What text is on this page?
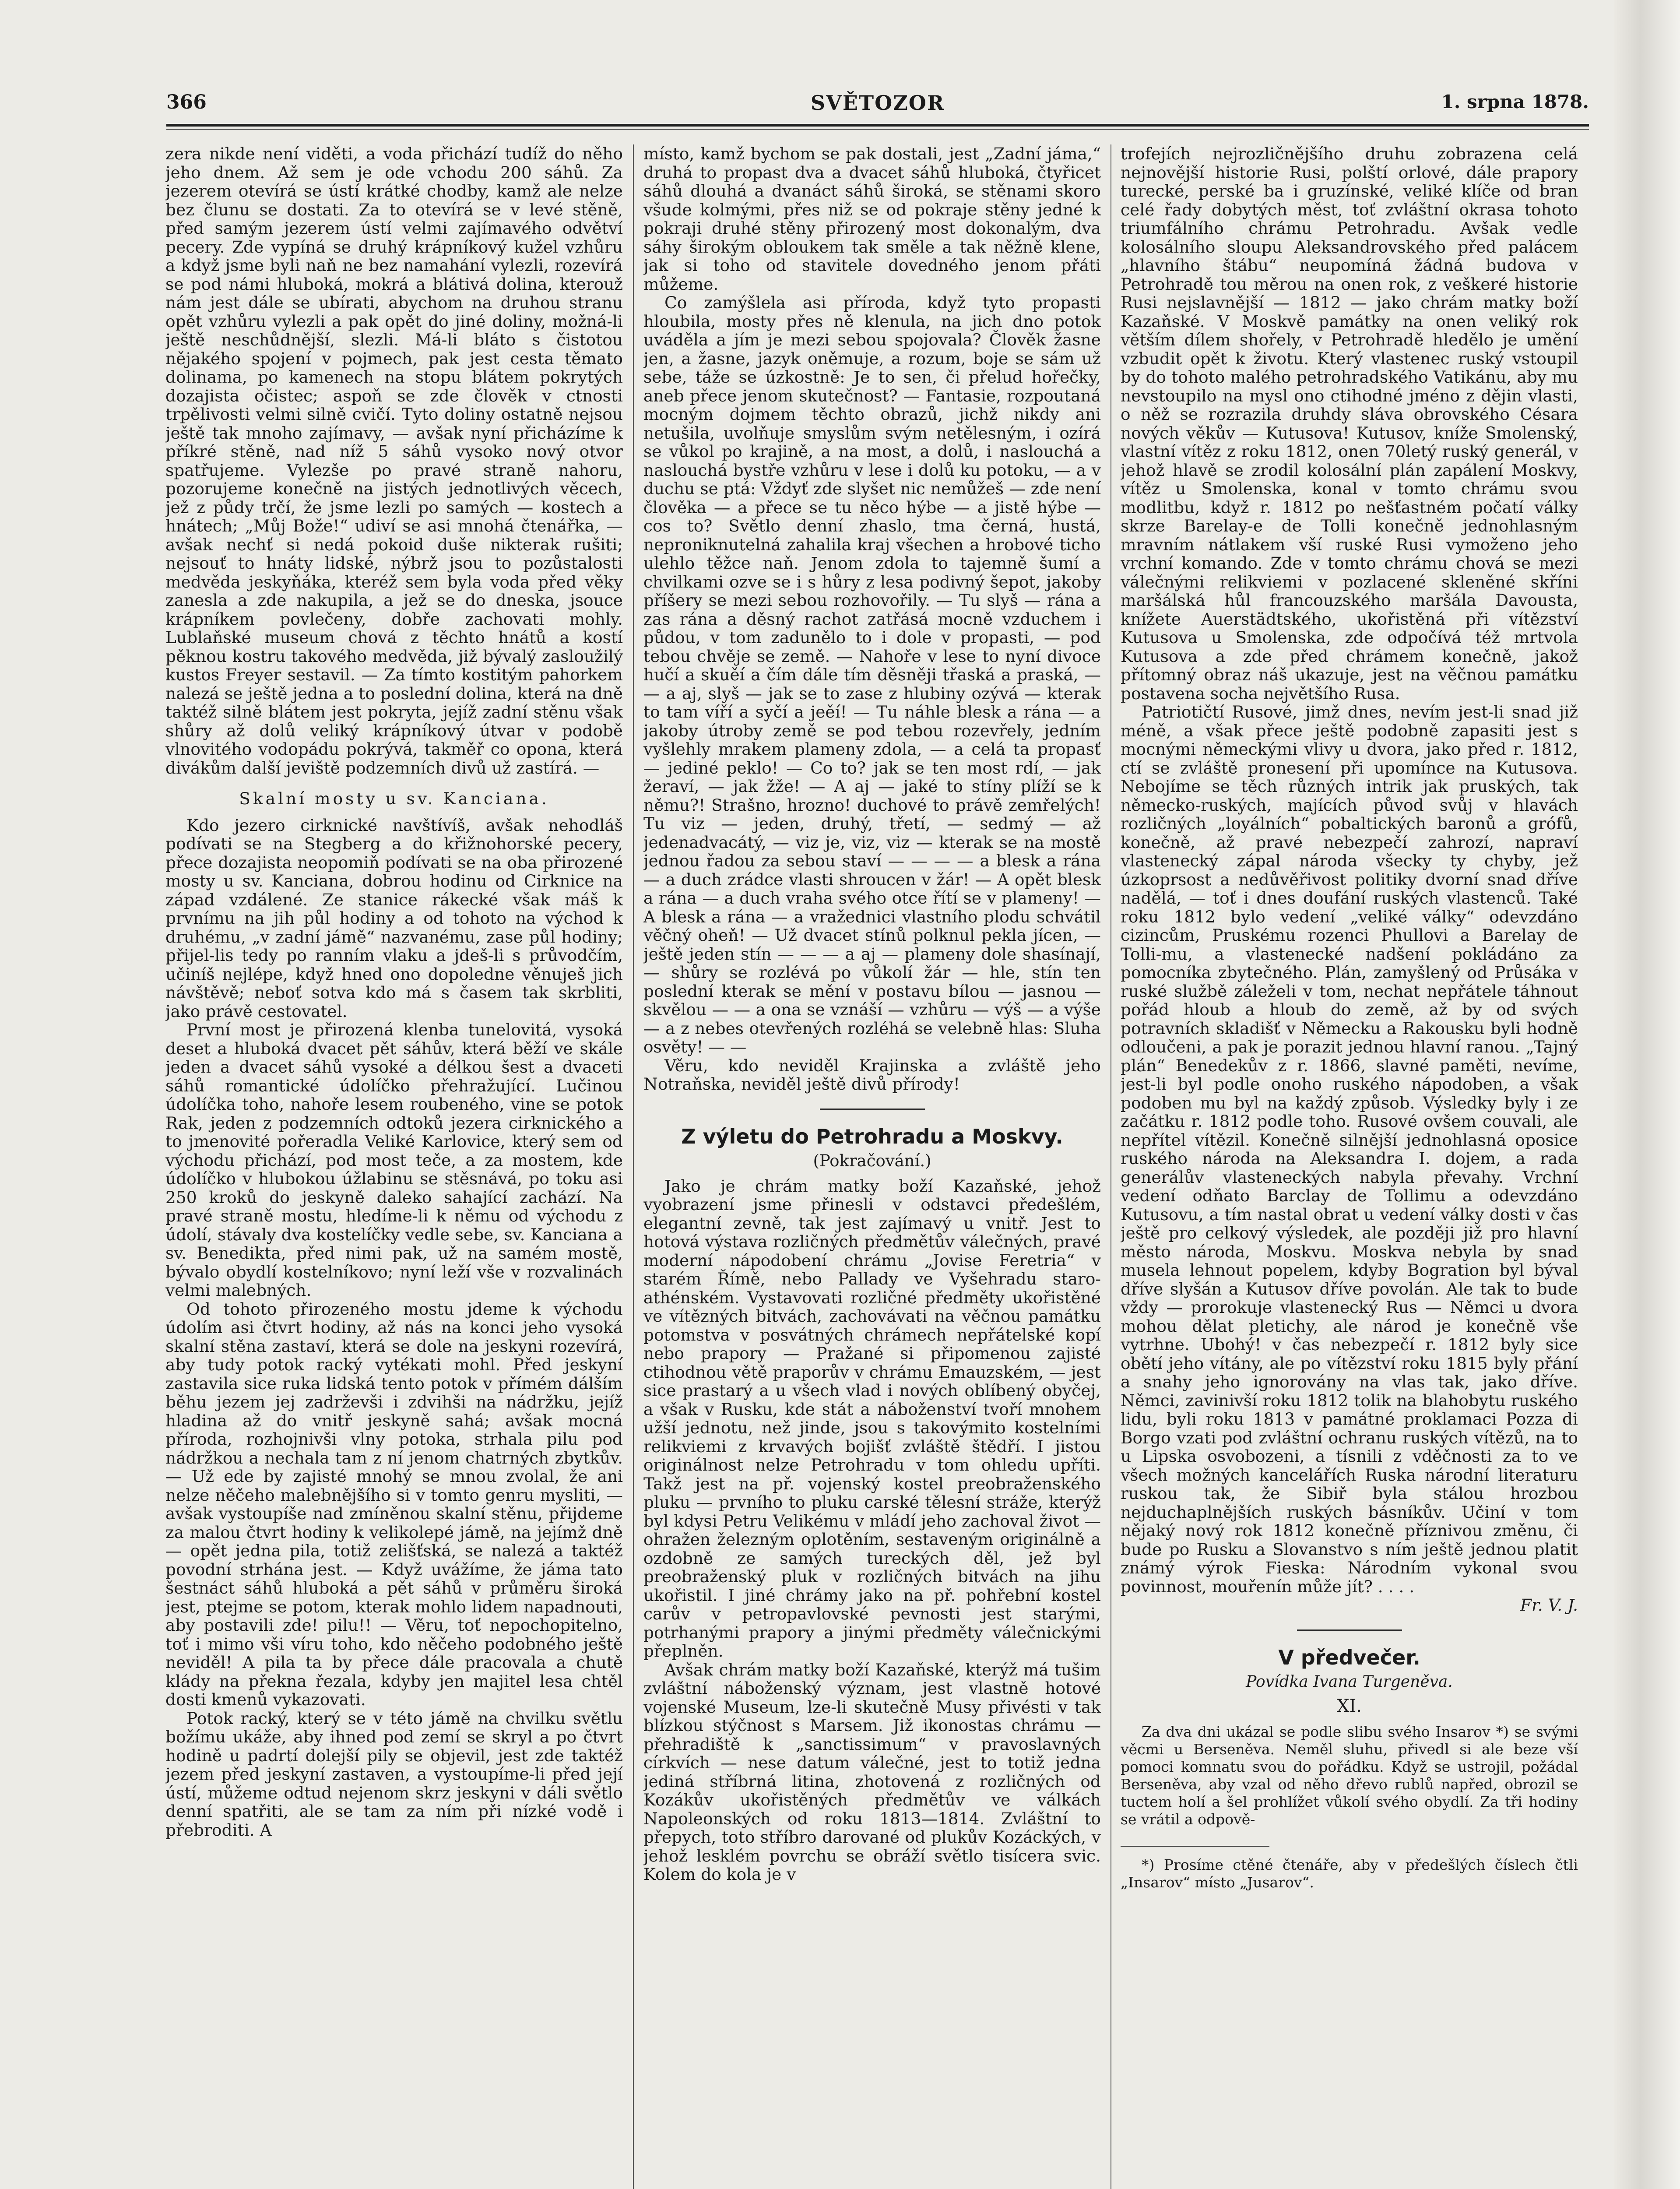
366	SVĚTOZOR	1. srpna 1878.

zera nikde není viděti, a voda přichází tudíž do něho jeho dnem. Až sem je ode vchodu 200 sáhů. Za jezerem otevírá se ústí krátké chodby, kamž ale nelze bez člunu se dostati. Za to otevírá se v levé stěně, před samým jezerem ústí velmi zajímavého odvětví pecery. Zde vypíná se druhý krápníkový kužel vzhůru a když jsme byli naň ne bez namahání vylezli, rozevírá se pod námi hluboká, mokrá a blátivá dolina, kterouž nám jest dále se ubírati, abychom na druhou stranu opět vzhůru vylezli a pak opět do jiné doliny, možná-li ještě neschůdnější, slezli. Má-li bláto s čistotou nějakého spojení v pojmech, pak jest cesta těmato dolinama, po kamenech na stopu blátem pokrytých dozajista očistec; aspoň se zde člověk v ctnosti trpělivosti velmi silně cvičí. Tyto doliny ostatně nejsou ještě tak mnoho zajímavy, — avšak nyní přicházíme k příkré stěně, nad níž 5 sáhů vysoko nový otvor spatřujeme. Vylezše po pravé straně nahoru, pozorujeme konečně na jistých jednotlivých věcech, jež z půdy trčí, že jsme lezli po samých — kostech a hnátech; „Můj Bože!“ udiví se asi mnohá čtenářka, — avšak nechť si nedá pokoid duše nikterak rušiti; nejsouť to hnáty lidské, nýbrž jsou to pozůstalosti medvěda jeskyňáka, kteréž sem byla voda před věky zanesla a zde nakupila, a jež se do dneska, jsouce krápníkem povlečeny, dobře zachovati mohly. Lublaňské museum chová z těchto hnátů a kostí pěknou kostru takového medvěda, již bývalý zasloužilý kustos Freyer sestavil. — Za tímto kostitým pahorkem nalezá se ještě jedna a to poslední dolina, která na dně taktéž silně blátem jest pokryta, jejíž zadní stěnu však shůry až dolů veliký krápníkový útvar v podobě vlnovitého vodopádu pokrývá, takměř co opona, která divákům další jeviště podzemních divů už zastírá. —

Skalní mosty u sv. Kanciana.

Kdo jezero cirknické navštívíš, avšak nehodláš podívati se na Stegberg a do křižnohorské pecery, přece dozajista neopomiň podívati se na oba přirozené mosty u sv. Kanciana, dobrou hodinu od Cirknice na západ vzdálené. Ze stanice rákecké však máš k prvnímu na jih půl hodiny a od tohoto na východ k druhému, „v zadní jámě“ nazvanému, zase půl hodiny; přijel-lis tedy po ranním vlaku a jdeš-li s průvodčím, učiníš nejlépe, když hned ono dopoledne věnuješ jich návštěvě; neboť sotva kdo má s časem tak skrbliti, jako právě cestovatel.

První most je přirozená klenba tunelovitá, vysoká deset a hluboká dvacet pět sáhův, která běží ve skále jeden a dvacet sáhů vysoké a délkou šest a dvaceti sáhů romantické údolíčko přehražující. Lučinou údolíčka toho, nahoře lesem roubeného, vine se potok Rak, jeden z podzemních odtoků jezera cirknického a to jmenovité pořeradla Veliké Karlovice, který sem od východu přichází, pod most teče, a za mostem, kde údolíčko v hlubokou úžlabinu se stěsnává, po toku asi 250 kroků do jeskyně daleko sahající zachází. Na pravé straně mostu, hledíme-li k němu od východu z údolí, stávaly dva kostelíčky vedle sebe, sv. Kanciana a sv. Benedikta, před nimi pak, už na samém mostě, bývalo obydlí kostelníkovo; nyní leží vše v rozvalinách velmi malebných.

Od tohoto přirozeného mostu jdeme k východu údolím asi čtvrt hodiny, až nás na konci jeho vysoká skalní stěna zastaví, která se dole na jeskyni rozevírá, aby tudy potok racký vytékati mohl. Před jeskyní zastavila sice ruka lidská tento potok v přímém dálším běhu jezem jej zadrževši i zdvihši na nádržku, jejíž hladina až do vnitř jeskyně sahá; avšak mocná příroda, rozhojnivši vlny potoka, strhala pilu pod nádržkou a nechala tam z ní jenom chatrných zbytkův. — Už ede by zajisté mnohý se mnou zvolal, že ani nelze něčeho malebnějšího si v tomto genru mysliti, — avšak vystoupíše nad zmíněnou skalní stěnu, přijdeme za malou čtvrt hodiny k velikolepé jámě, na jejímž dně — opět jedna pila, totiž zelišťská, se nalezá a taktéž povodní strhána jest. — Když uvážíme, že jáma tato šestnáct sáhů hluboká a pět sáhů v průměru široká jest, ptejme se potom, kterak mohlo lidem napadnouti, aby postavili zde! pilu!! — Věru, toť nepochopitelno, toť i mimo vši víru toho, kdo něčeho podobného ještě neviděl! A pila ta by přece dále pracovala a chutě klády na překna řezala, kdyby jen majitel lesa chtěl dosti kmenů vykazovati.

Potok racký, který se v této jámě na chvilku světlu božímu ukáže, aby ihned pod zemí se skryl a po čtvrt hodině u padrtí dolejší pily se objevil, jest zde taktéž jezem před jeskyní zastaven, a vystoupíme-li před její ústí, můžeme odtud nejenom skrz jeskyni v dáli světlo denní spatřiti, ale se tam za ním při nízké vodě i přebroditi. A

místo, kamž bychom se pak dostali, jest „Zadní jáma,“ druhá to propast dva a dvacet sáhů hluboká, čtyřicet sáhů dlouhá a dvanáct sáhů široká, se stěnami skoro všude kolmými, přes niž se od pokraje stěny jedné k pokraji druhé stěny přirozený most dokonalým, dva sáhy širokým obloukem tak směle a tak něžně klene, jak si toho od stavitele dovedného jenom přáti můžeme.

Co zamýšlela asi příroda, když tyto propasti hloubila, mosty přes ně klenula, na jich dno potok uváděla a jím je mezi sebou spojovala? Člověk žasne jen, a žasne, jazyk oněmuje, a rozum, boje se sám už sebe, táže se úzkostně: Je to sen, či přelud hořečky, aneb přece jenom skutečnost? — Fantasie, rozpoutaná mocným dojmem těchto obrazů, jichž nikdy ani netušila, uvolňuje smyslům svým netělesným, i ozírá se vůkol po krajině, a na most, a dolů, i naslouchá a naslouchá bystře vzhůru v lese i dolů ku potoku, — a v duchu se ptá: Vždyť zde slyšet nic nemůžeš — zde není člověka — a přece se tu něco hýbe — a jistě hýbe — cos to? Světlo denní zhaslo, tma černá, hustá, neproniknutelná zahalila kraj všechen a hrobové ticho ulehlo těžce naň. Jenom zdola to tajemně šumí a chvilkami ozve se i s hůry z lesa podivný šepot, jakoby příšery se mezi sebou rozhovořily. — Tu slyš — rána a zas rána a děsný rachot zatřásá mocně vzduchem i půdou, v tom zadunělo to i dole v propasti, — pod tebou chvěje se země. — Nahoře v lese to nyní divoce hučí a skuěí a čím dále tím děsněji třaská a praská, — — a aj, slyš — jak se to zase z hlubiny ozývá — kterak to tam víří a syčí a jeěí! — Tu náhle blesk a rána — a jakoby útroby země se pod tebou rozevřely, jedním vyšlehly mrakem plameny zdola, — a celá ta propasť — jediné peklo! — Co to? jak se ten most rdí, — jak žeraví, — jak žže! — A aj — jaké to stíny plíží se k němu?! Strašno, hrozno! duchové to právě zemřelých! Tu viz — jeden, druhý, třetí, — sedmý — až jedenadvacátý, — viz je, viz, viz — kterak se na mostě jednou řadou za sebou staví — — — — a blesk a rána — a duch zrádce vlasti shroucen v žár! — A opět blesk a rána — a duch vraha svého otce řítí se v plameny! — A blesk a rána — a vražednici vlastního plodu schvátil věčný oheň! — Už dvacet stínů polknul pekla jícen, — ještě jeden stín — — — a aj — plameny dole shasínají, — shůry se rozlévá po vůkolí žár — hle, stín ten poslední kterak se mění v postavu bílou — jasnou — skvělou — — a ona se vznáší — vzhůru — výš — a výše — a z nebes otevřených rozléhá se velebně hlas: Sluha osvěty! — —

Věru, kdo neviděl Krajinska a zvláště jeho Notraňska, neviděl ještě divů přírody!

Z výletu do Petrohradu a Moskvy.

(Pokračování.)

Jako je chrám matky boží Kazaňské, jehož vyobrazení jsme přinesli v odstavci předešlém, elegantní zevně, tak jest zajímavý u vnitř. Jest to hotová výstava rozličných předmětův válečných, pravé moderní nápodobení chrámu „Jovise Feretria“ v starém Římě, nebo Pallady ve Vyšehradu staro-athénském. Vystavovati rozličné předměty ukořistěné ve vítězných bitvách, zachovávati na věčnou památku potomstva v posvátných chrámech nepřátelské kopí nebo prapory — Pražané si připomenou zajisté ctihodnou větě praporův v chrámu Emauzském, — jest sice prastarý a u všech vlad i nových oblíbený obyčej, a však v Rusku, kde stát a náboženství tvoří mnohem užší jednotu, než jinde, jsou s takovýmito kostelními relikviemi z krvavých bojišť zvláště štědří. I jistou originálnost nelze Petrohradu v tom ohledu upříti. Takž jest na př. vojenský kostel preobraženského pluku — prvního to pluku carské tělesní stráže, kterýž byl kdysi Petru Velikému v mládí jeho zachoval život — ohražen železným oplotěním, sestaveným originálně a ozdobně ze samých tureckých děl, jež byl preobraženský pluk v rozličných bitvách na jihu ukořistil. I jiné chrámy jako na př. pohřební kostel carův v petropavlovské pevnosti jest starými, potrhanými prapory a jinými předměty válečnickými přeplněn.

Avšak chrám matky boží Kazaňské, kterýž má tušim zvláštní náboženský význam, jest vlastně hotové vojenské Museum, lze-li skutečně Musy přivésti v tak blízkou stýčnost s Marsem. Již ikonostas chrámu — přehradiště k „sanctissimum“ v pravoslavných církvích — nese datum válečné, jest to totiž jedna jediná stříbrná litina, zhotovená z rozličných od Kozákův ukořistěných předmětův ve válkách Napoleonských od roku 1813—1814. Zvláštní to přepych, toto stříbro darované od plukův Kozáckých, v jehož lesklém povrchu se obráží světlo tisícera svic. Kolem do kola je v

trofejích nejrozličnějšího druhu zobrazena celá nejnovější historie Rusi, polští orlové, dále prapory turecké, perské ba i gruzínské, veliké klíče od bran celé řady dobytých měst, toť zvláštní okrasa tohoto triumfálního chrámu Petrohradu. Avšak vedle kolosálního sloupu Aleksandrovského před palácem „hlavního štábu“ neupomíná žádná budova v Petrohradě tou měrou na onen rok, z veškeré historie Rusi nejslavnější — 1812 — jako chrám matky boží Kazaňské. V Moskvě památky na onen veliký rok větším dílem shořely, v Petrohradě hledělo je umění vzbudit opět k životu. Který vlastenec ruský vstoupil by do tohoto malého petrohradského Vatikánu, aby mu nevstoupilo na mysl ono ctihodné jméno z dějin vlasti, o něž se rozrazila druhdy sláva obrovského Césara nových věkův — Kutusova! Kutusov, kníže Smolenský, vlastní vítěz z roku 1812, onen 70letý ruský generál, v jehož hlavě se zrodil kolosální plán zapálení Moskvy, vítěz u Smolenska, konal v tomto chrámu svou modlitbu, když r. 1812 po nešťastném počatí války skrze Barelay-e de Tolli konečně jednohlasným mravním nátlakem vší ruské Rusi vymoženo jeho vrchní komando. Zde v tomto chrámu chová se mezi válečnými relikviemi v pozlacené skleněné skříni maršálská hůl francouzského maršála Davousta, knížete Auerstädtského, ukořistěná při vítězství Kutusova u Smolenska, zde odpočívá též mrtvola Kutusova a zde před chrámem konečně, jakož přítomný obraz náš ukazuje, jest na věčnou památku postavena socha největšího Rusa.

Patriotičtí Rusové, jimž dnes, nevím jest-li snad již méně, a však přece ještě podobně zapasiti jest s mocnými německými vlivy u dvora, jako před r. 1812, ctí se zvláště pronesení při upomínce na Kutusova. Nebojíme se těch různých intrik jak pruských, tak německo-ruských, majících původ svůj v hlavách rozličných „loyálních“ pobaltických baronů a grófů, konečně, až pravé nebezpečí zahrozí, napraví vlastenecký zápal národa všecky ty chyby, jež úzkoprsost a nedůvěřivost politiky dvorní snad dříve nadělá, — toť i dnes doufání ruských vlastenců. Také roku 1812 bylo vedení „veliké války“ odevzdáno cizincům, Pruskému rozenci Phullovi a Barelay de Tolli-mu, a vlastenecké nadšení pokládáno za pomocníka zbytečného. Plán, zamyšlený od Průsáka v ruské službě záleželi v tom, nechat nepřátele táhnout pořád hloub a hloub do země, až by od svých potravních skladišť v Německu a Rakousku byli hodně odloučeni, a pak je porazit jednou hlavní ranou. „Tajný plán“ Benedekův z r. 1866, slavné paměti, nevíme, jest-li byl podle onoho ruského nápodoben, a však podoben mu byl na každý způsob. Výsledky byly i ze začátku r. 1812 podle toho. Rusové ovšem couvali, ale nepřítel vítězil. Konečně silnější jednohlasná oposice ruského národa na Aleksandra I. dojem, a rada generálův vlasteneckých nabyla převahy. Vrchní vedení odňato Barclay de Tollimu a odevzdáno Kutusovu, a tím nastal obrat u vedení války dosti v čas ještě pro celkový výsledek, ale později již pro hlavní město národa, Moskvu. Moskva nebyla by snad musela lehnout popelem, kdyby Bogration byl býval dříve slyšán a Kutusov dříve povolán. Ale tak to bude vždy — prorokuje vlastenecký Rus — Němci u dvora mohou dělat pletichy, ale národ je konečně vše vytrhne. Ubohý! v čas nebezpečí r. 1812 byly sice obětí jeho vítány, ale po vítězství roku 1815 byly přání a snahy jeho ignorovány na vlas tak, jako dříve. Němci, zavinivší roku 1812 tolik na blahobytu ruského lidu, byli roku 1813 v památné proklamaci Pozza di Borgo vzati pod zvláštní ochranu ruských vítězů, na to u Lipska osvobozeni, a tísnili z vděčnosti za to ve všech možných kancelářích Ruska národní literaturu ruskou tak, že Sibiř byla stálou hrozbou nejduchaplnějších ruských básníkův. Učiní v tom nějaký nový rok 1812 konečně příznivou změnu, či bude po Rusku a Slovanstvo s ním ještě jednou platit známý výrok Fieska: Národním vykonal svou povinnost, mouřenín může jít? . . . .

Fr. V. J.

V předvečer.

Povídka Ivana Turgeněva.

XI.

Za dva dni ukázal se podle slibu svého Insarov *) se svými věcmi u Berseněva. Neměl sluhu, přivedl si ale beze vší pomoci komnatu svou do pořádku. Když se ustrojil, požádal Berseněva, aby vzal od něho dřevo rublů napřed, obrozil se tuctem holí a šel prohlížet vůkolí svého obydlí. Za tři hodiny se vrátil a odpově-

*) Prosíme ctěné čtenáře, aby v předešlých číslech čtli „Insarov“ místo „Jusarov“.
